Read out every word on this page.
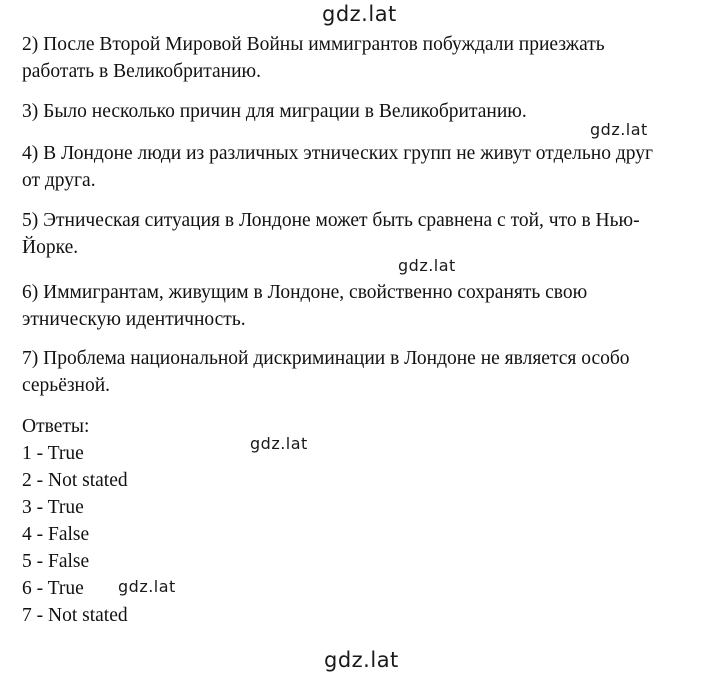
gdz.lat
gdz.lat
gdz.lat
gdz.lat
gdz.lat
gdz.lat
2) После Второй Мировой Войны иммигрантов побуждали приезжать
работать в Великобританию.
3) Было несколько причин для миграции в Великобританию.
4) В Лондоне люди из различных этнических групп не живут отдельно друг
от друга.
5) Этническая ситуация в Лондоне может быть сравнена с той, что в Нью-
Йорке.
6) Иммигрантам, живущим в Лондоне, свойственно сохранять свою
этническую идентичность.
7) Проблема национальной дискриминации в Лондоне не является особо
серьёзной.
Ответы:
1 - True
2 - Not stated
3 - True
4 - False
5 - False
6 - True
7 - Not stated
